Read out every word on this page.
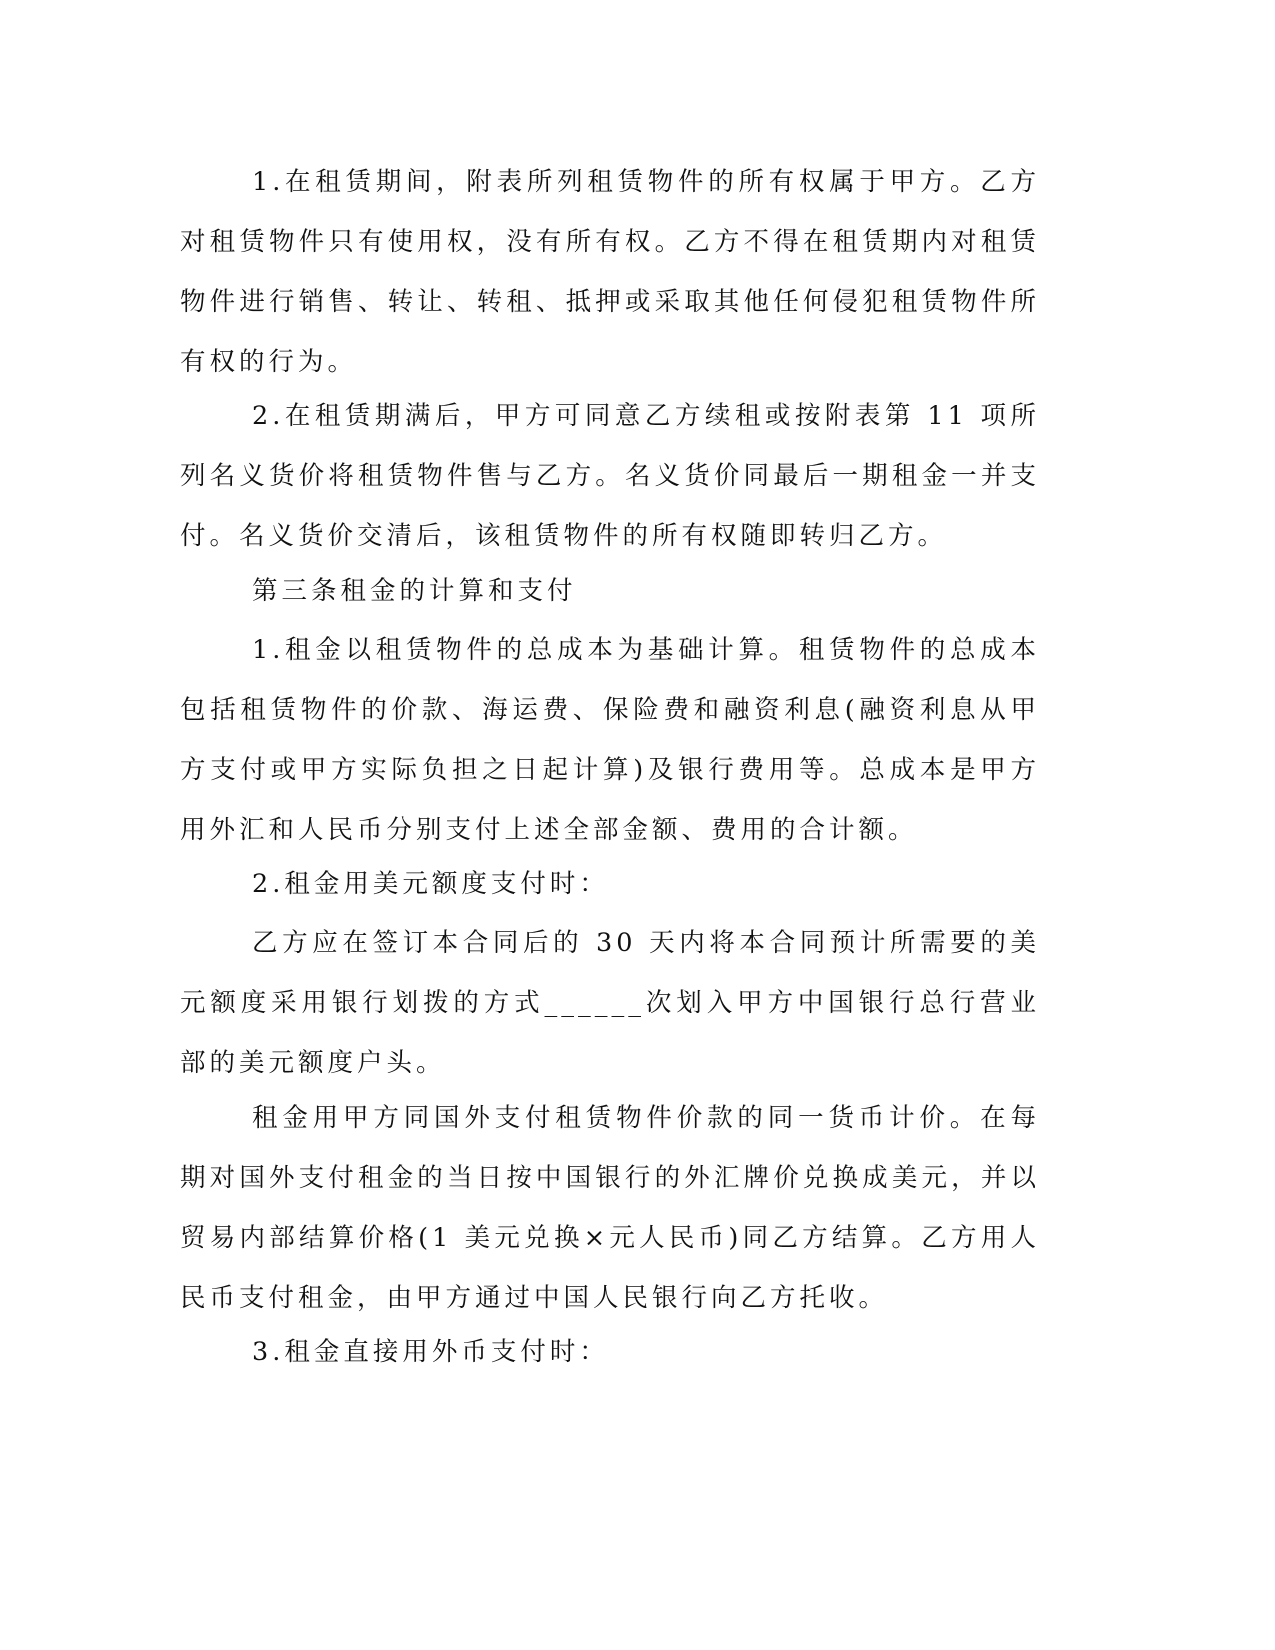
1.在租赁期间，附表所列租赁物件的所有权属于甲方。乙方对租赁物件只有使用权，没有所有权。乙方不得在租赁期内对租赁物件进行销售、转让、转租、抵押或采取其他任何侵犯租赁物件所有权的行为。

2.在租赁期满后，甲方可同意乙方续租或按附表第 11 项所列名义货价将租赁物件售与乙方。名义货价同最后一期租金一并支付。名义货价交清后，该租赁物件的所有权随即转归乙方。

第三条租金的计算和支付

1.租金以租赁物件的总成本为基础计算。租赁物件的总成本包括租赁物件的价款、海运费、保险费和融资利息(融资利息从甲方支付或甲方实际负担之日起计算)及银行费用等。总成本是甲方用外汇和人民币分别支付上述全部金额、费用的合计额。

2.租金用美元额度支付时：

乙方应在签订本合同后的 30 天内将本合同预计所需要的美元额度采用银行划拨的方式______次划入甲方中国银行总行营业部的美元额度户头。

租金用甲方同国外支付租赁物件价款的同一货币计价。在每期对国外支付租金的当日按中国银行的外汇牌价兑换成美元，并以贸易内部结算价格(1 美元兑换×元人民币)同乙方结算。乙方用人民币支付租金，由甲方通过中国人民银行向乙方托收。

3.租金直接用外币支付时：
